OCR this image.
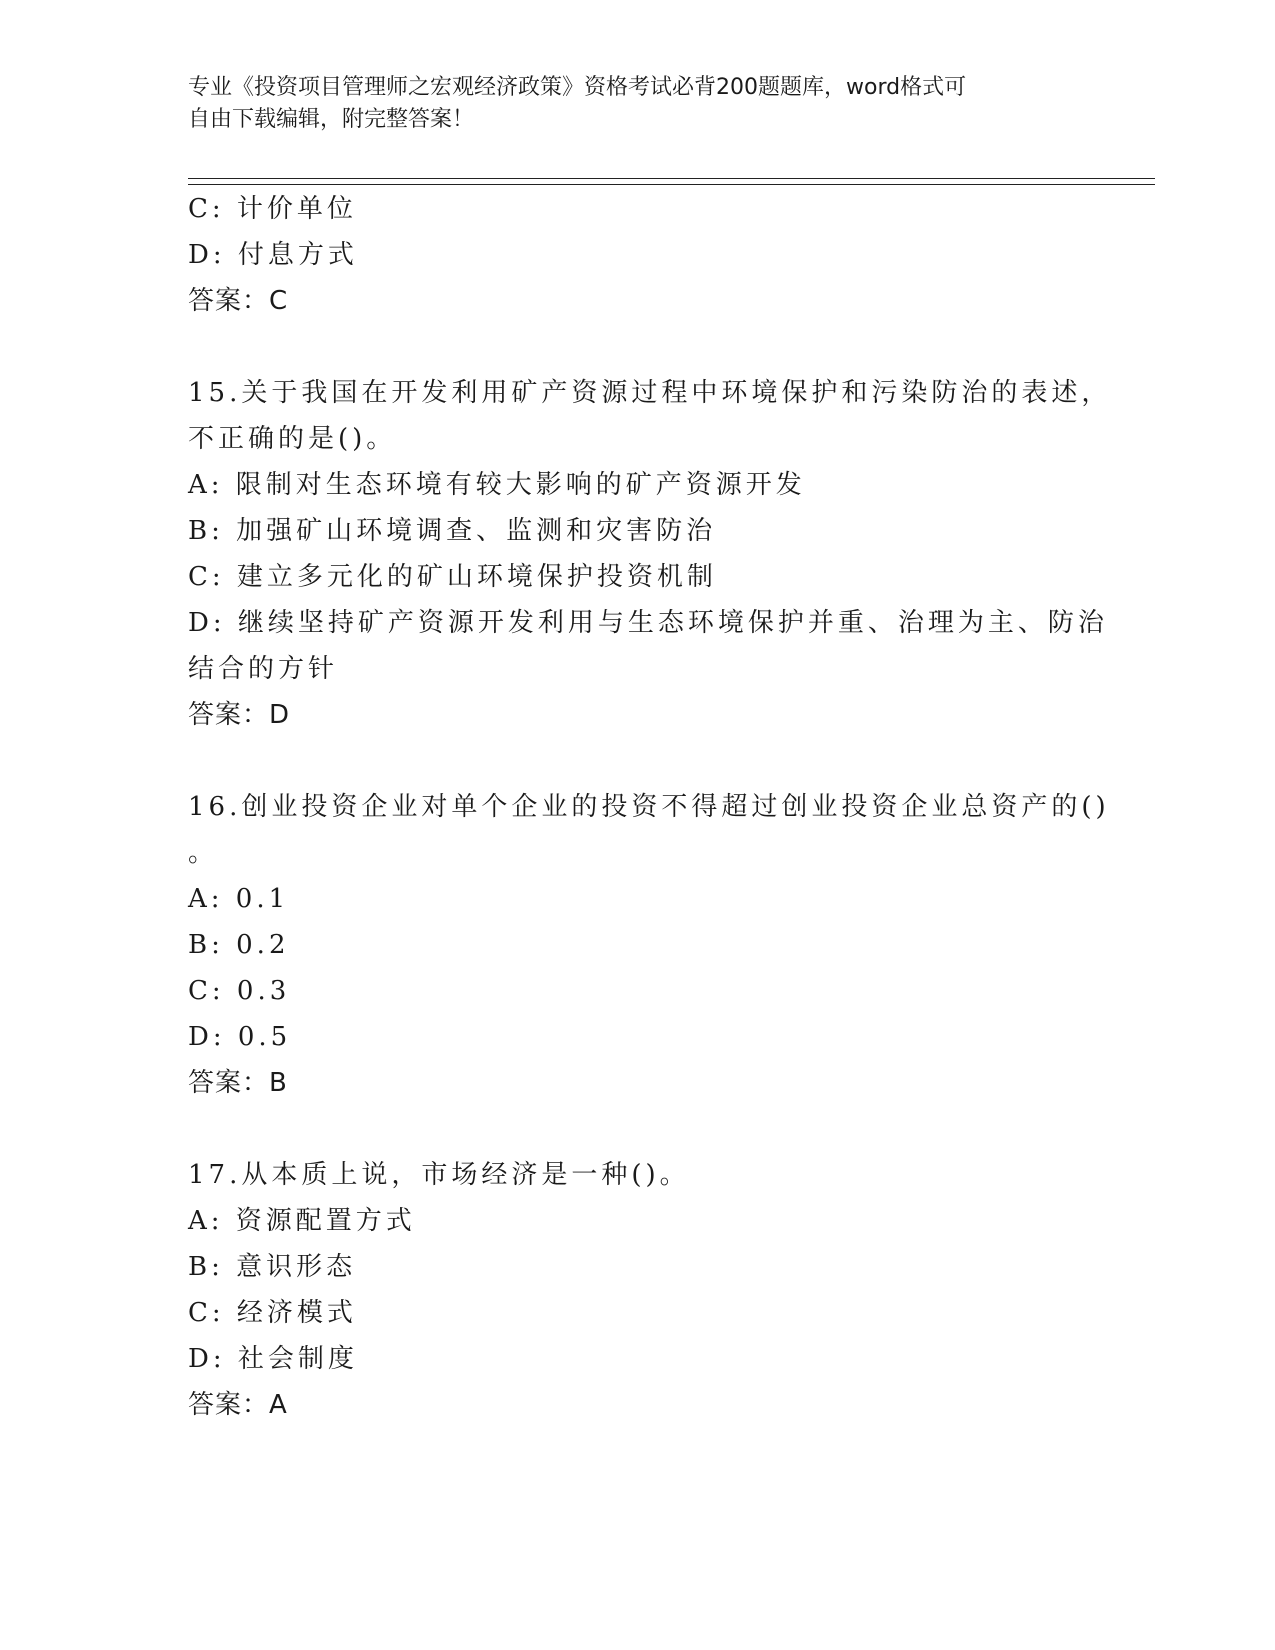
专业《投资项目管理师之宏观经济政策》资格考试必背200题题库，word格式可
自由下载编辑，附完整答案！
C: 计价单位
D: 付息方式
答案：C
15.关于我国在开发利用矿产资源过程中环境保护和污染防治的表述，
不正确的是()。
A: 限制对生态环境有较大影响的矿产资源开发
B: 加强矿山环境调查、监测和灾害防治
C: 建立多元化的矿山环境保护投资机制
D: 继续坚持矿产资源开发利用与生态环境保护并重、治理为主、防治
结合的方针
答案：D
16.创业投资企业对单个企业的投资不得超过创业投资企业总资产的()
。
A: 0.1
B: 0.2
C: 0.3
D: 0.5
答案：B
17.从本质上说，市场经济是一种()。
A: 资源配置方式
B: 意识形态
C: 经济模式
D: 社会制度
答案：A
